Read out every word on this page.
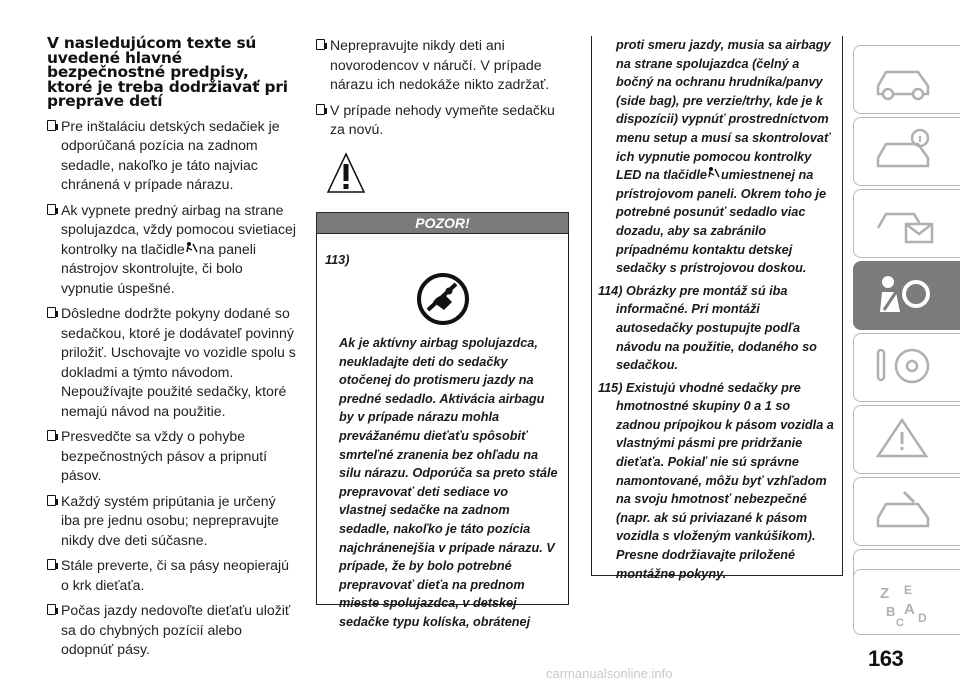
V nasledujúcom texte sú uvedené hlavné bezpečnostné predpisy, ktoré je treba dodržiavať pri preprave detí
Pre inštaláciu detských sedačiek je odporúčaná pozícia na zadnom sedadle, nakoľko je táto najviac chránená v prípade nárazu.
Ak vypnete predný airbag na strane spolujazdca, vždy pomocou svietiacej kontrolky na tlačidle na paneli nástrojov skontrolujte, či bolo vypnutie úspešné.
Dôsledne dodržte pokyny dodané so sedačkou, ktoré je dodávateľ povinný priložiť. Uschovajte vo vozidle spolu s dokladmi a týmto návodom. Nepoužívajte použité sedačky, ktoré nemajú návod na použitie.
Presvedčte sa vždy o pohybe bezpečnostných pásov a pripnutí pásov.
Každý systém pripútania je určený iba pre jednu osobu; neprepravujte nikdy dve deti súčasne.
Stále preverte, či sa pásy neopierajú o krk dieťaťa.
Počas jazdy nedovoľte dieťaťu uložiť sa do chybných pozícií alebo odopnúť pásy.
Neprepravujte nikdy deti ani novorodencov v náručí. V prípade nárazu ich nedokáže nikto zadržať.
V prípade nehody vymeňte sedačku za novú.
POZOR!
113)
Ak je aktívny airbag spolujazdca, neukladajte deti do sedačky otočenej do protismeru jazdy na predné sedadlo. Aktivácia airbagu by v prípade nárazu mohla prevážanému dieťaťu spôsobiť smrteľné zranenia bez ohľadu na silu nárazu. Odporúča sa preto stále prepravovať deti sediace vo vlastnej sedačke na zadnom sedadle, nakoľko je táto pozícia najchránenejšia v prípade nárazu. V prípade, že by bolo potrebné prepravovať dieťa na prednom mieste spolujazdca, v detskej sedačke typu kolíska, obrátenej
proti smeru jazdy, musia sa airbagy na strane spolujazdca (čelný a bočný na ochranu hrudníka/panvy (side bag), pre verzie/trhy, kde je k dispozícii) vypnúť prostredníctvom menu setup a musí sa skontrolovať ich vypnutie pomocou kontrolky LED na tlačidle umiestnenej na prístrojovom paneli. Okrem toho je potrebné posunúť sedadlo viac dozadu, aby sa zabránilo prípadnému kontaktu detskej sedačky s prístrojovou doskou.
114) Obrázky pre montáž sú iba informačné. Pri montáži autosedačky postupujte podľa návodu na použitie, dodaného so sedačkou.
115) Existujú vhodné sedačky pre hmotnostné skupiny 0 a 1 so zadnou prípojkou k pásom vozidla a vlastnými pásmi pre pridržanie dieťaťa. Pokiaľ nie sú správne namontované, môžu byť vzhľadom na svoju hmotnosť nebezpečné (napr. ak sú priviazané k pásom vozidla s vloženým vankúšikom). Presne dodržiavajte priložené montážne pokyny.
Z E
B A
C D
163
carmanualsonline.info
